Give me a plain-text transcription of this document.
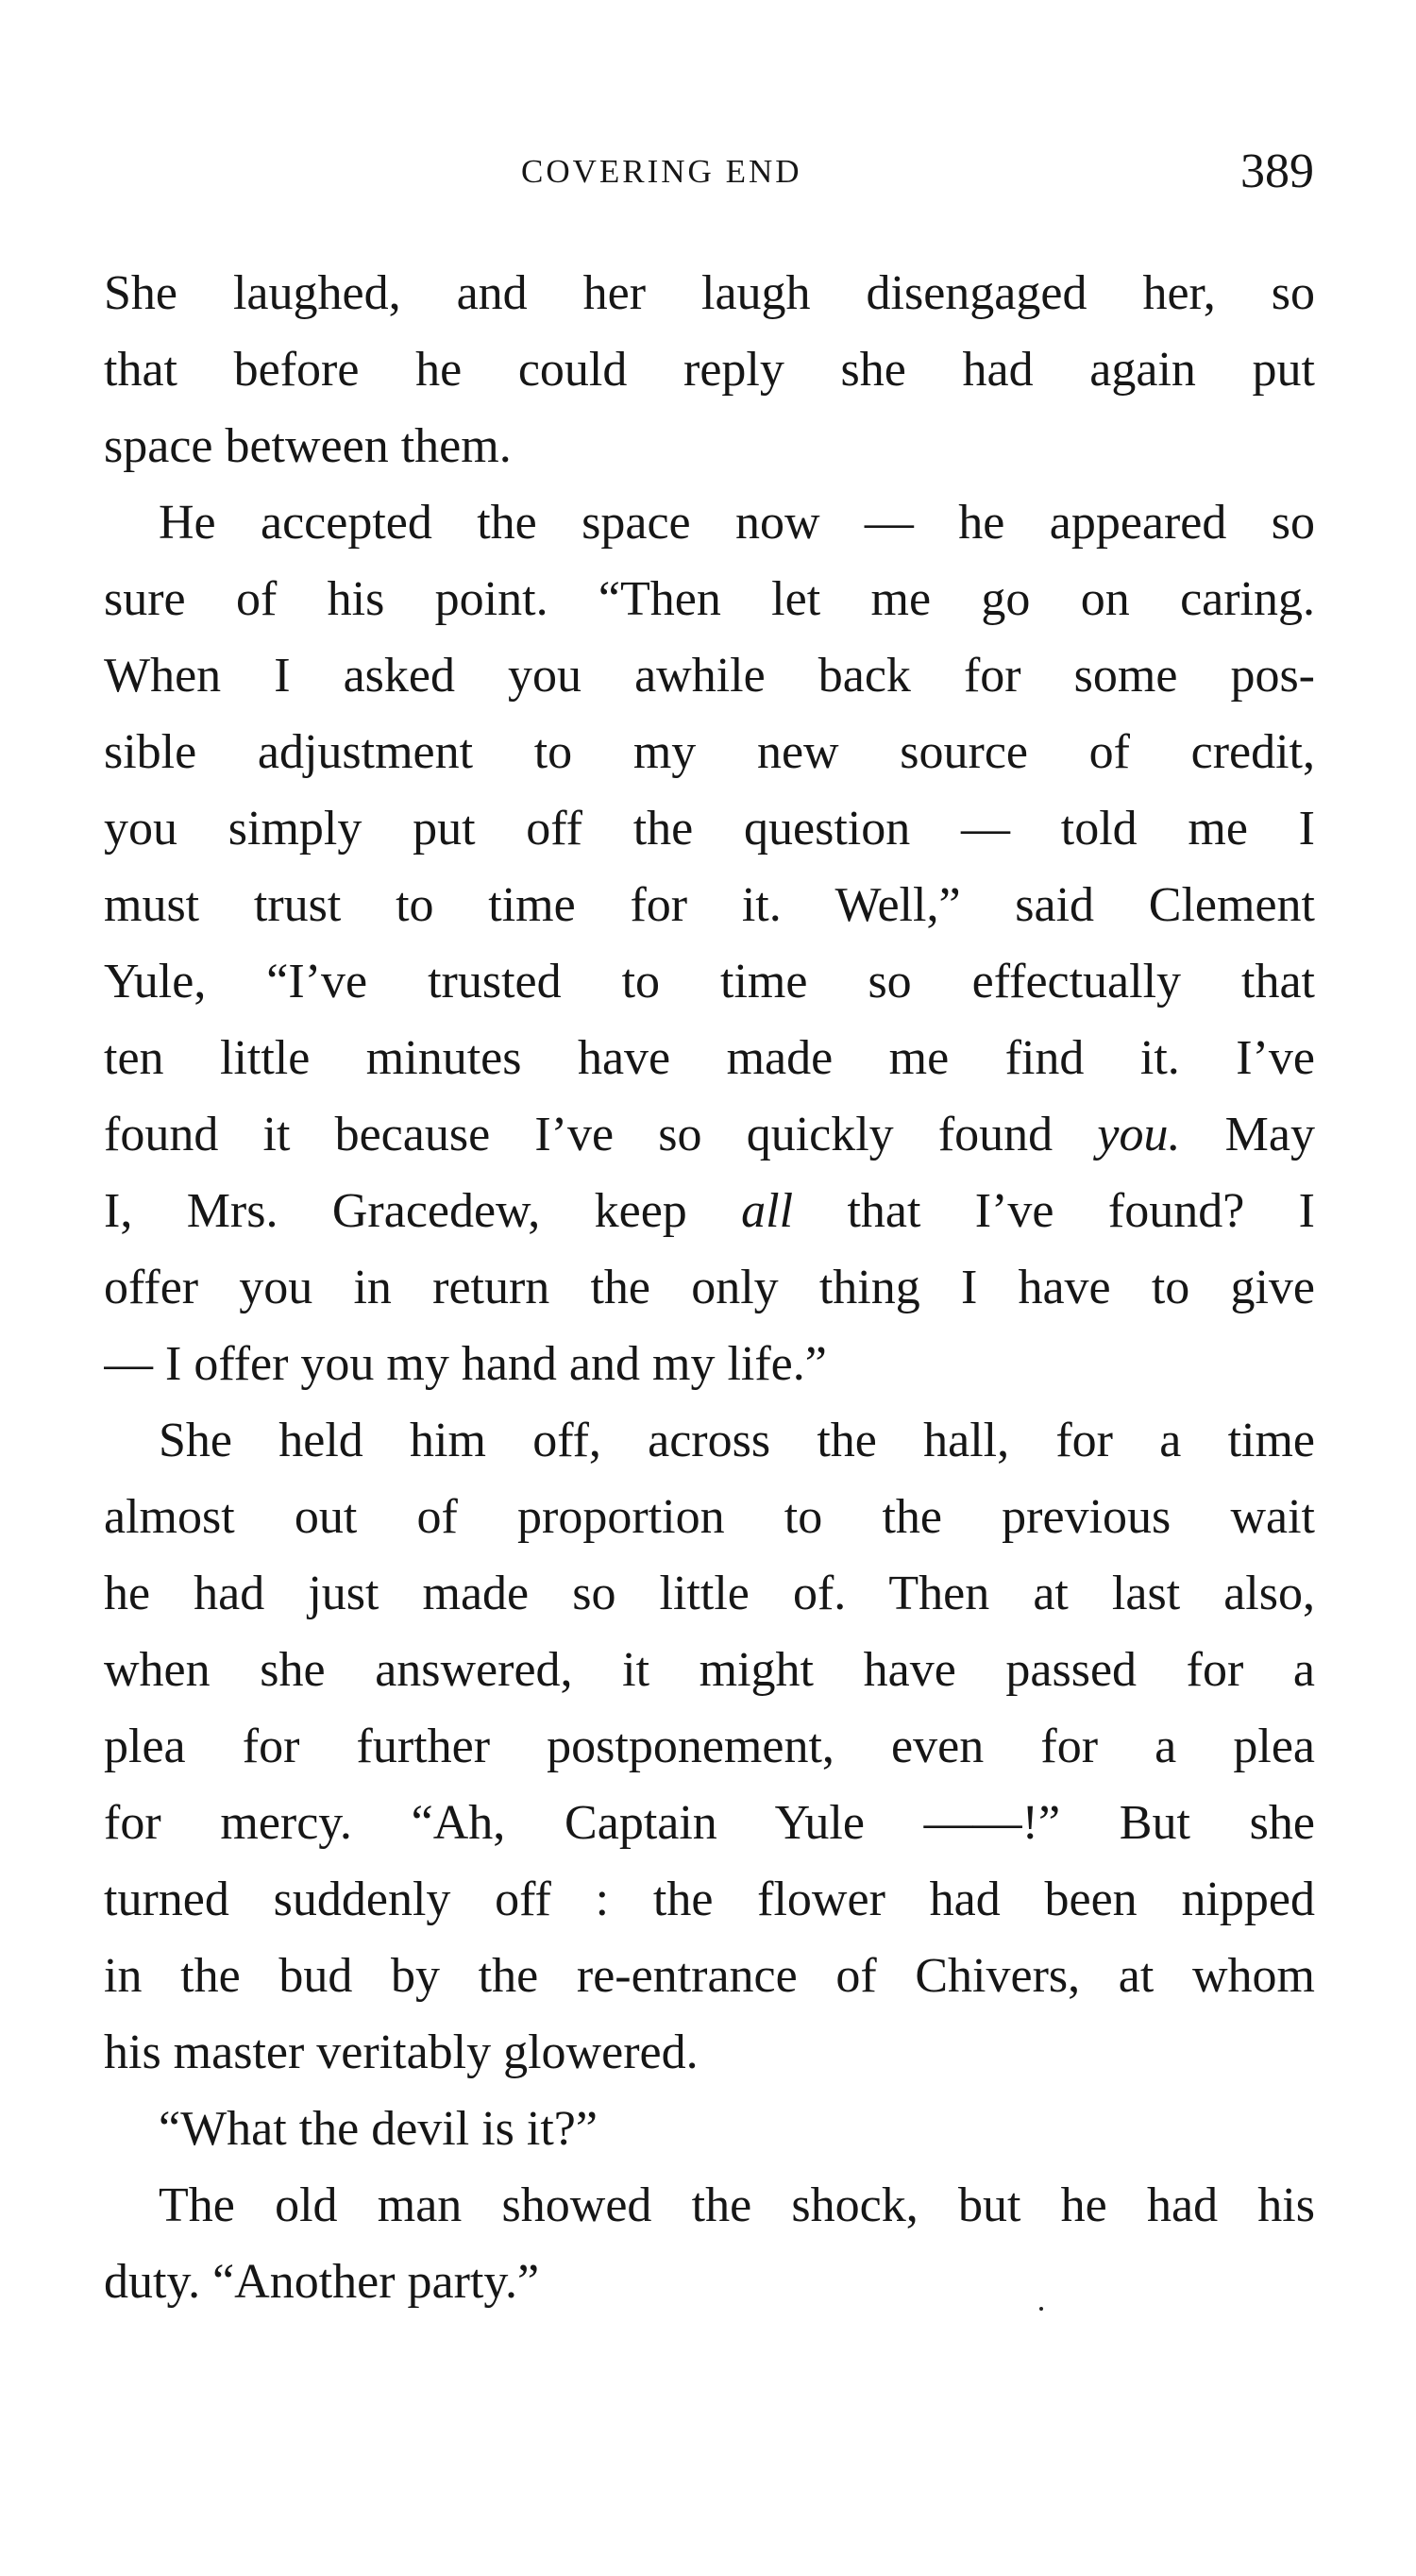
COVERING END	389
She laughed, and her laugh disengaged her, so
that before he could reply she had again put
space between them.
He accepted the space now — he appeared so
sure of his point. “Then let me go on caring.
When I asked you awhile back for some pos-
sible adjustment to my new source of credit,
you simply put off the question — told me I
must trust to time for it. Well,” said Clement
Yule, “I’ve trusted to time so effectually that
ten little minutes have made me find it. I’ve
found it because I’ve so quickly found you. May
I, Mrs. Gracedew, keep all that I’ve found? I
offer you in return the only thing I have to give
— I offer you my hand and my life.”
She held him off, across the hall, for a time
almost out of proportion to the previous wait
he had just made so little of. Then at last also,
when she answered, it might have passed for a
plea for further postponement, even for a plea
for mercy. “Ah, Captain Yule ——!” But she
turned suddenly off : the flower had been nipped
in the bud by the re-entrance of Chivers, at whom
his master veritably glowered.
“What the devil is it?”
The old man showed the shock, but he had his
duty. “Another party.”
